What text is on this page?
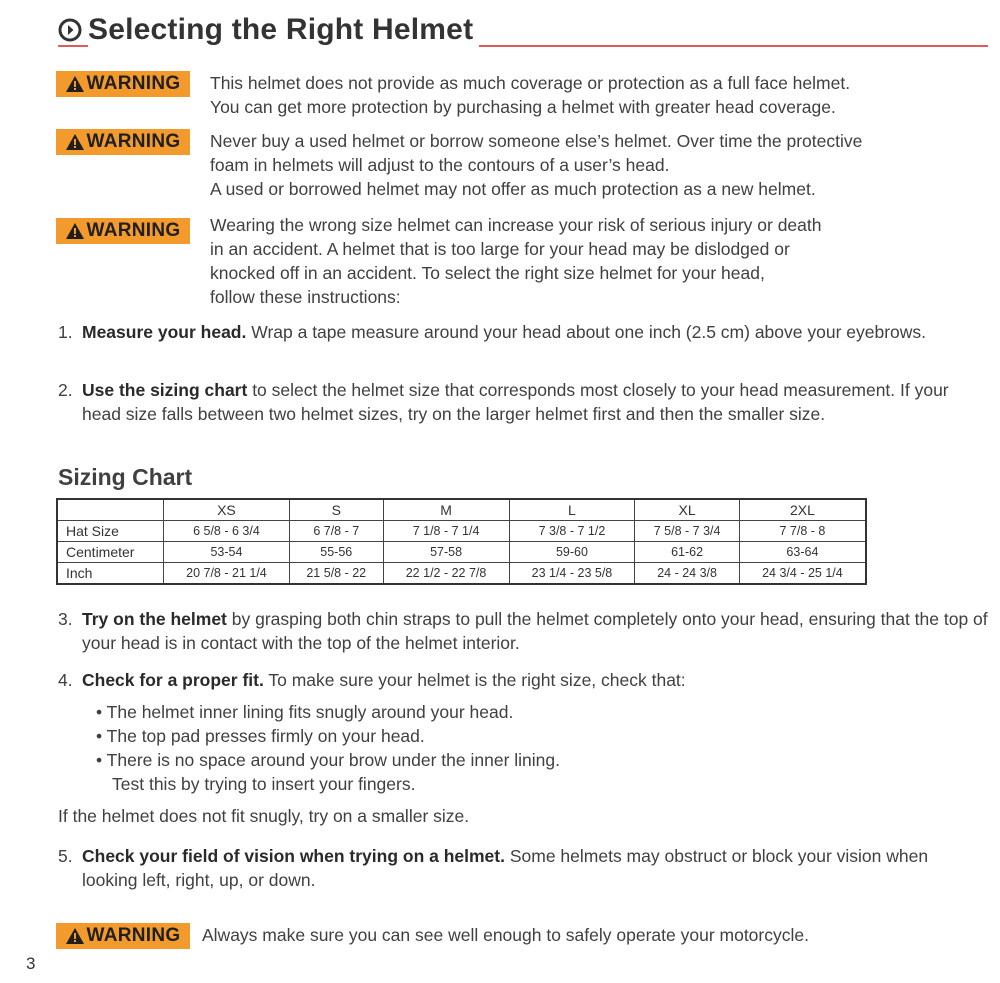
Selecting the Right Helmet
WARNING This helmet does not provide as much coverage or protection as a full face helmet.

You can get more protection by purchasing a helmet with greater head coverage.

WARNING Never buy a used helmet or borrow someone else’s helmet. Over time the protective

foam in helmets will adjust to the contours of a user’s head.

A used or borrowed helmet may not offer as much protection as a new helmet.

WARNING Wearing the wrong size helmet can increase your risk of serious injury or death

in an accident. A helmet that is too large for your head may be dislodged or

knocked off in an accident. To select the right size helmet for your head,

follow these instructions:

1. Measure your head. Wrap a tape measure around your head about one inch (2.5 cm) above your eyebrows.
2. Use the sizing chart to select the helmet size that corresponds most closely to your head measurement. If your head size falls between two helmet sizes, try on the larger helmet first and then the smaller size.
Sizing Chart
	XS	S	M	L	XL	2XL
Hat Size	6 5/8 - 6 3/4	6 7/8 - 7	7 1/8 - 7 1/4	7 3/8 - 7 1/2	7 5/8 - 7 3/4	7 7/8 - 8
Centimeter	53-54	55-56	57-58	59-60	61-62	63-64
Inch	20 7/8 - 21 1/4	21 5/8 - 22	22 1/2 - 22 7/8	23 1/4 - 23 5/8	24 - 24 3/8	24 3/4 - 25 1/4
3. Try on the helmet by grasping both chin straps to pull the helmet completely onto your head, ensuring that the top of your head is in contact with the top of the helmet interior.
4. Check for a proper fit. To make sure your helmet is the right size, check that:
• The helmet inner lining fits snugly around your head.
• The top pad presses firmly on your head.
• There is no space around your brow under the inner lining.
Test this by trying to insert your fingers.
If the helmet does not fit snugly, try on a smaller size.
5. Check your field of vision when trying on a helmet. Some helmets may obstruct or block your vision when looking left, right, up, or down.
WARNING Always make sure you can see well enough to safely operate your motorcycle.

3
